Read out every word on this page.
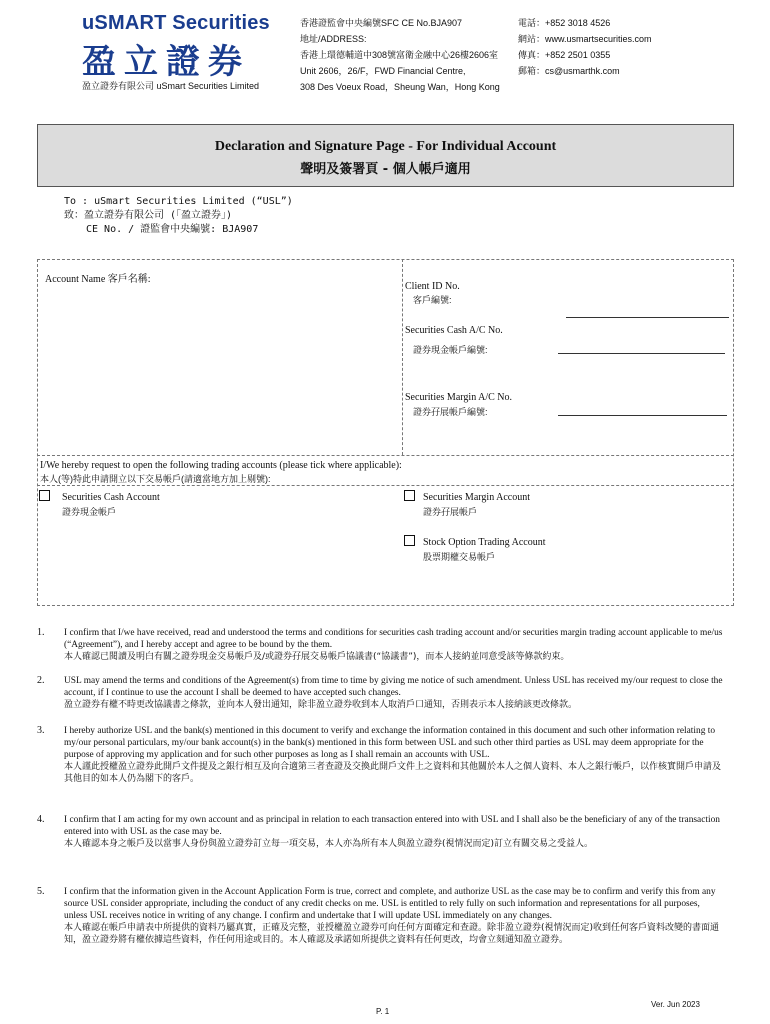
uSMART Securities
盈立證券
盈立證券有限公司 uSmart Securities Limited
香港證監會中央編號SFC CE No.BJA907
地址/ADDRESS:
香港上環德輔道中308號富衛金融中心26樓2606室
Unit 2606，26/F，FWD Financial Centre,
308 Des Voeux Road，Sheung Wan，Hong Kong
電話：+852 3018 4526
網站：www.usmartsecurities.com
傳真：+852 2501 0355
郵箱：cs@usmarthk.com
Declaration and Signature Page - For Individual Account
聲明及簽署頁 - 個人帳戶適用
To : uSmart Securities Limited (“USL”)
致：盈立證券有限公司 (「盈立證券」)
CE No. / 證監會中央編號: BJA907
Account Name 客戶名稱:
Client ID No.
客戶編號:
Securities Cash A/C No.
證券現金帳戶編號:
Securities Margin A/C No.
證券孖展帳戶編號:
I/We hereby request to open the following trading accounts (please tick where applicable):
本人(等)特此申請開立以下交易帳戶(請適當地方加上剔號):
Securities Cash Account
證券現金帳戶
Securities Margin Account
證券孖展帳戶
Stock Option Trading Account
股票期權交易帳戶
1. I confirm that I/we have received, read and understood the terms and conditions for securities cash trading account and/or securities margin trading account applicable to me/us (“Agreement”), and I hereby accept and agree to be bound by the them.
本人確認已閱讀及明白有關之證券現金交易帳戶及/或證券孖展交易帳戶協議書(“協議書”)，而本人接納並同意受該等條款約束。
2. USL may amend the terms and conditions of the Agreement(s) from time to time by giving me notice of such amendment. Unless USL has received my/our request to close the account, if I continue to use the account I shall be deemed to have accepted such changes.
盈立證券有權不時更改協議書之條款，並向本人發出通知，除非盈立證券收到本人取消戶口通知，否則表示本人接納該更改條款。
3. I hereby authorize USL and the bank(s) mentioned in this document to verify and exchange the information contained in this document and such other information relating to my/our personal particulars, my/our bank account(s) in the bank(s) mentioned in this form between USL and such other third parties as USL may deem appropriate for the purpose of approving my application and for such other purposes as long as I shall remain an accounts with USL.
本人謹此授權盈立證券此開戶文件提及之銀行相互及向合適第三者查證及交換此開戶文件上之資料和其他關於本人之個人資料、本人之銀行帳戶，以作核實開戶申請及其他目的如本人仍為閣下的客戶。
4. I confirm that I am acting for my own account and as principal in relation to each transaction entered into with USL and I shall also be the beneficiary of any of the transaction entered into with USL as the case may be.
本人確認本身之帳戶及以當事人身份與盈立證券訂立每一項交易，本人亦為所有本人與盈立證券(視情況而定)訂立有關交易之受益人。
5. I confirm that the information given in the Account Application Form is true, correct and complete, and authorize USL as the case may be to confirm and verify this from any source USL consider appropriate, including the conduct of any credit checks on me. USL is entitled to rely fully on such information and representations for all purposes, unless USL receives notice in writing of any change. I confirm and undertake that I will update USL immediately on any changes.
本人確認在帳戶申請表中所提供的資料乃屬真實，正確及完整，並授權盈立證券可向任何方面確定和查證。除非盈立證券(視情況而定)收到任何客戶資料改變的書面通知，盈立證券將有權依據這些資料，作任何用途或目的。本人確認及承諾如所提供之資料有任何更改，均會立刻通知盈立證券。
Ver. Jun 2023
P. 1
